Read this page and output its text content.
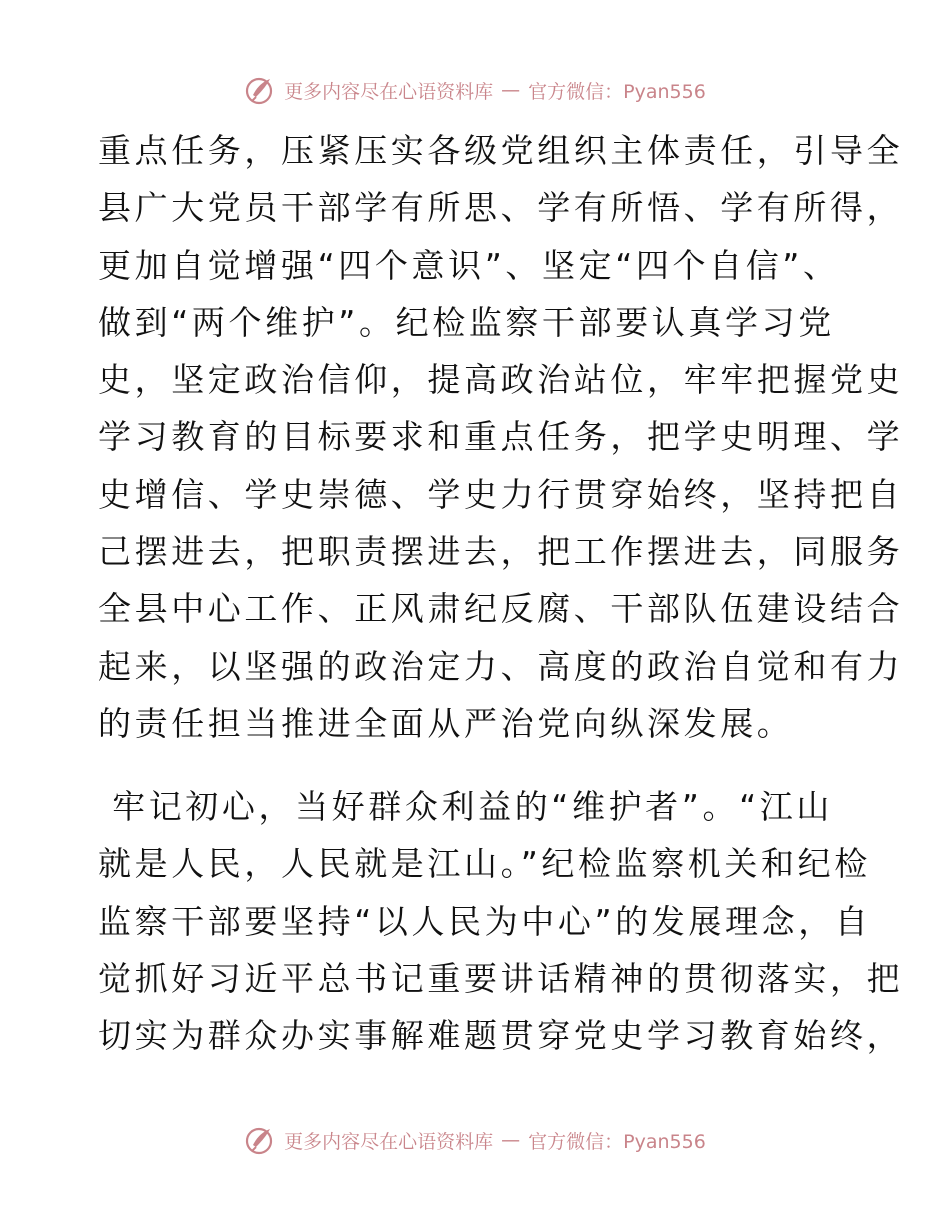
更多内容尽在心语资料库 — 官方微信：Pyan556
重点任务，压紧压实各级党组织主体责任，引导全
县广大党员干部学有所思、学有所悟、学有所得，
更加自觉增强“四个意识”、坚定“四个自信”、
做到“两个维护”。纪检监察干部要认真学习党
史，坚定政治信仰，提高政治站位，牢牢把握党史
学习教育的目标要求和重点任务，把学史明理、学
史增信、学史崇德、学史力行贯穿始终，坚持把自
己摆进去，把职责摆进去，把工作摆进去，同服务
全县中心工作、正风肃纪反腐、干部队伍建设结合
起来，以坚强的政治定力、高度的政治自觉和有力
的责任担当推进全面从严治党向纵深发展。
牢记初心，当好群众利益的“维护者”。“江山
就是人民，人民就是江山。”纪检监察机关和纪检
监察干部要坚持“以人民为中心”的发展理念，自
觉抓好习近平总书记重要讲话精神的贯彻落实，把
切实为群众办实事解难题贯穿党史学习教育始终，
更多内容尽在心语资料库 — 官方微信：Pyan556
